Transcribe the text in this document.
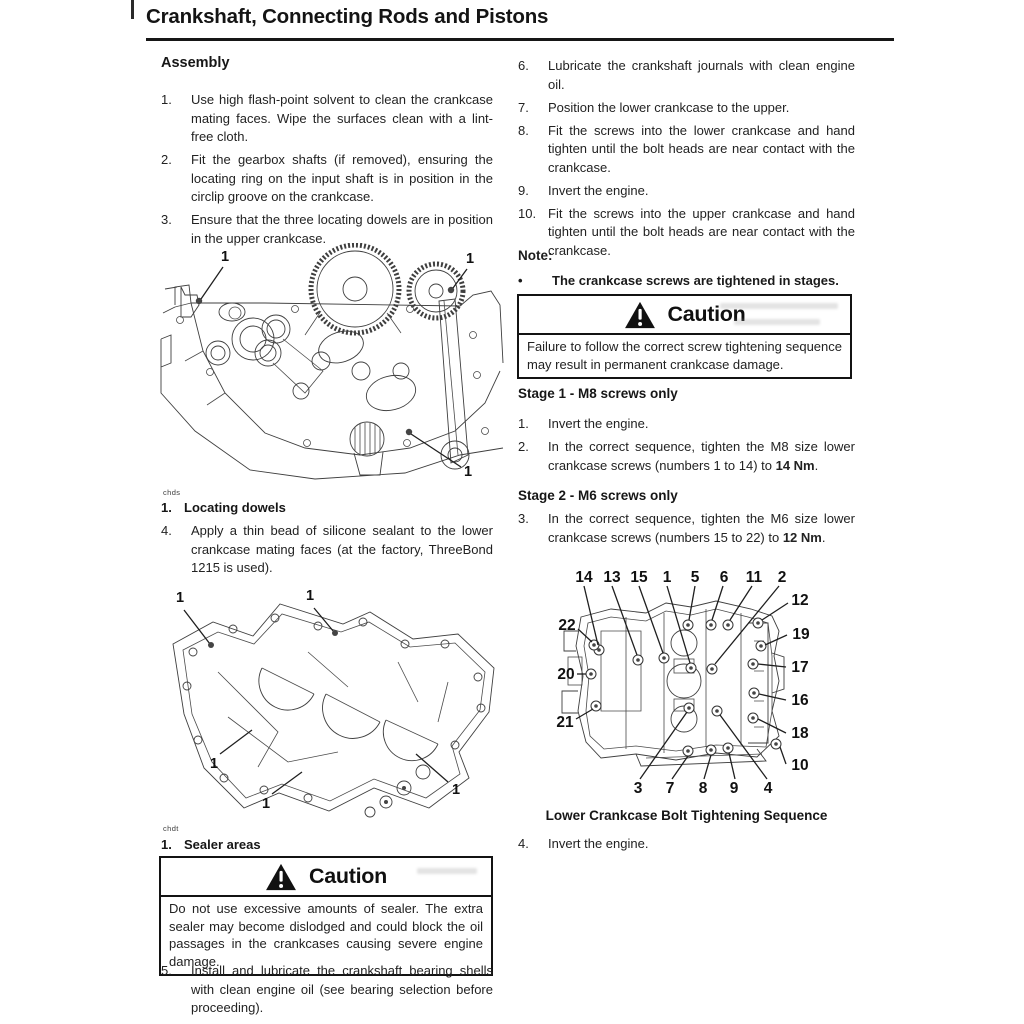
Crankshaft, Connecting Rods and Pistons
Assembly
1.	Use high flash-point solvent to clean the crankcase mating faces. Wipe the surfaces clean with a lint-free cloth.
2.	Fit the gearbox shafts (if removed), ensuring the locating ring on the input shaft is in position in the circlip groove on the crankcase.
3.	Ensure that the three locating dowels are in position in the upper crankcase.
1	1
1
chds
1. Locating dowels
4.	Apply a thin bead of silicone sealant to the lower crankcase mating faces (at the factory, ThreeBond 1215 is used).
1	1
1
1
1
chdt
1. Sealer areas
Caution
Do not use excessive amounts of sealer. The extra sealer may become dislodged and could block the oil passages in the crankcases causing severe engine damage.
5.	Install and lubricate the crankshaft bearing shells with clean engine oil (see bearing selection before proceeding).
6.	Lubricate the crankshaft journals with clean engine oil.
7.	Position the lower crankcase to the upper.
8.	Fit the screws into the lower crankcase and hand tighten until the bolt heads are near contact with the crankcase.
9.	Invert the engine.
10. Fit the screws into the upper crankcase and hand tighten until the bolt heads are near contact with the crankcase.
Note:
•	The crankcase screws are tightened in stages.
Caution
Failure to follow the correct screw tightening sequence may result in permanent crankcase damage.
Stage 1 - M8 screws only
1.	Invert the engine.
2.	In the correct sequence, tighten the M8 size lower crankcase screws (numbers 1 to 14) to 14 Nm.
Stage 2 - M6 screws only
3.	In the correct sequence, tighten the M6 size lower crankcase screws (numbers 15 to 22) to 12 Nm.
14 13 15 1 5 6 11 2
12
19
17
16
18
10
22
20
21
3 7 8 9 4
Lower Crankcase Bolt Tightening Sequence
4.	Invert the engine.
